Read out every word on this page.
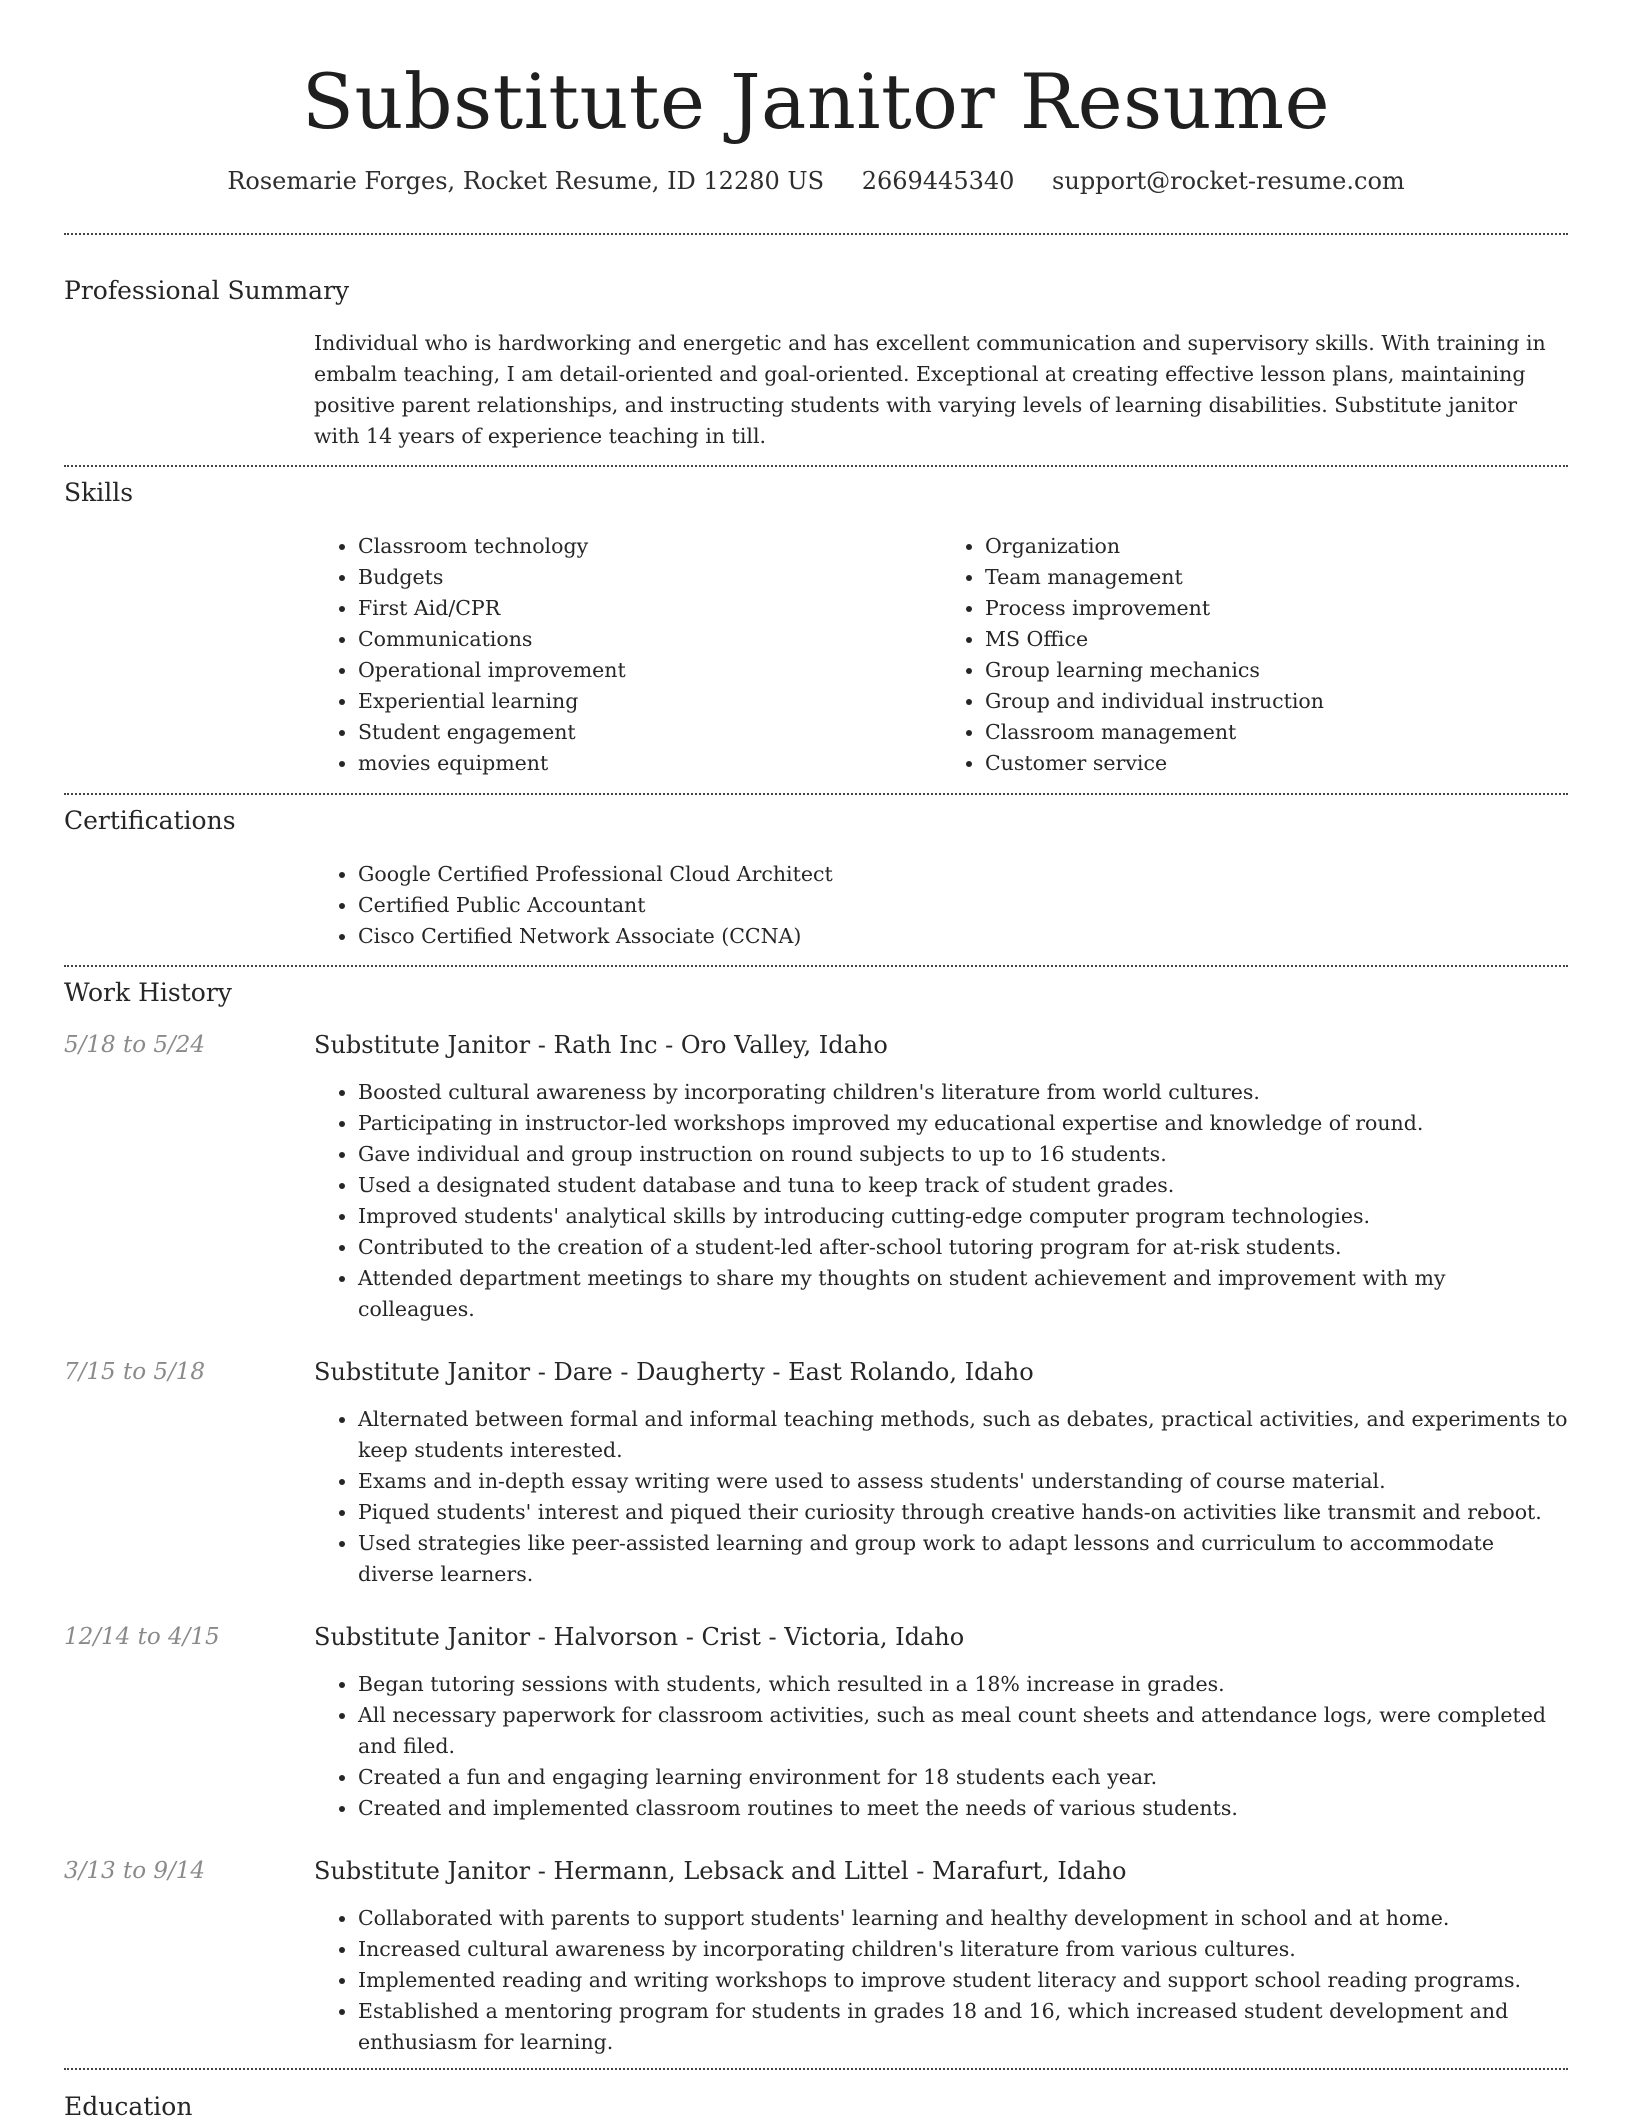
Substitute Janitor Resume
Rosemarie Forges, Rocket Resume, ID 12280 US 2669445340 support@rocket-resume.com
Professional Summary

Individual who is hardworking and energetic and has excellent communication and supervisory skills. With training in embalm teaching, I am detail-oriented and goal-oriented. Exceptional at creating effective lesson plans, maintaining positive parent relationships, and instructing students with varying levels of learning disabilities. Substitute janitor with 14 years of experience teaching in till.

Skills
• Classroom technology
• Budgets
• First Aid/CPR
• Communications
• Operational improvement
• Experiential learning
• Student engagement
• movies equipment
• Organization
• Team management
• Process improvement
• MS Office
• Group learning mechanics
• Group and individual instruction
• Classroom management
• Customer service
Certifications
• Google Certified Professional Cloud Architect
• Certified Public Accountant
• Cisco Certified Network Associate (CCNA)
Work History
5/18 to 5/24	Substitute Janitor - Rath Inc - Oro Valley, Idaho
• Boosted cultural awareness by incorporating children's literature from world cultures.
• Participating in instructor-led workshops improved my educational expertise and knowledge of round.
• Gave individual and group instruction on round subjects to up to 16 students.
• Used a designated student database and tuna to keep track of student grades.
• Improved students' analytical skills by introducing cutting-edge computer program technologies.
• Contributed to the creation of a student-led after-school tutoring program for at-risk students.
• Attended department meetings to share my thoughts on student achievement and improvement with my colleagues.
7/15 to 5/18	Substitute Janitor - Dare - Daugherty - East Rolando, Idaho
• Alternated between formal and informal teaching methods, such as debates, practical activities, and experiments to keep students interested.
• Exams and in-depth essay writing were used to assess students' understanding of course material.
• Piqued students' interest and piqued their curiosity through creative hands-on activities like transmit and reboot.
• Used strategies like peer-assisted learning and group work to adapt lessons and curriculum to accommodate diverse learners.
12/14 to 4/15	Substitute Janitor - Halvorson - Crist - Victoria, Idaho
• Began tutoring sessions with students, which resulted in a 18% increase in grades.
• All necessary paperwork for classroom activities, such as meal count sheets and attendance logs, were completed and filed.
• Created a fun and engaging learning environment for 18 students each year.
• Created and implemented classroom routines to meet the needs of various students.
3/13 to 9/14	Substitute Janitor - Hermann, Lebsack and Littel - Marafurt, Idaho
• Collaborated with parents to support students' learning and healthy development in school and at home.
• Increased cultural awareness by incorporating children's literature from various cultures.
• Implemented reading and writing workshops to improve student literacy and support school reading programs.
• Established a mentoring program for students in grades 18 and 16, which increased student development and enthusiasm for learning.
Education
